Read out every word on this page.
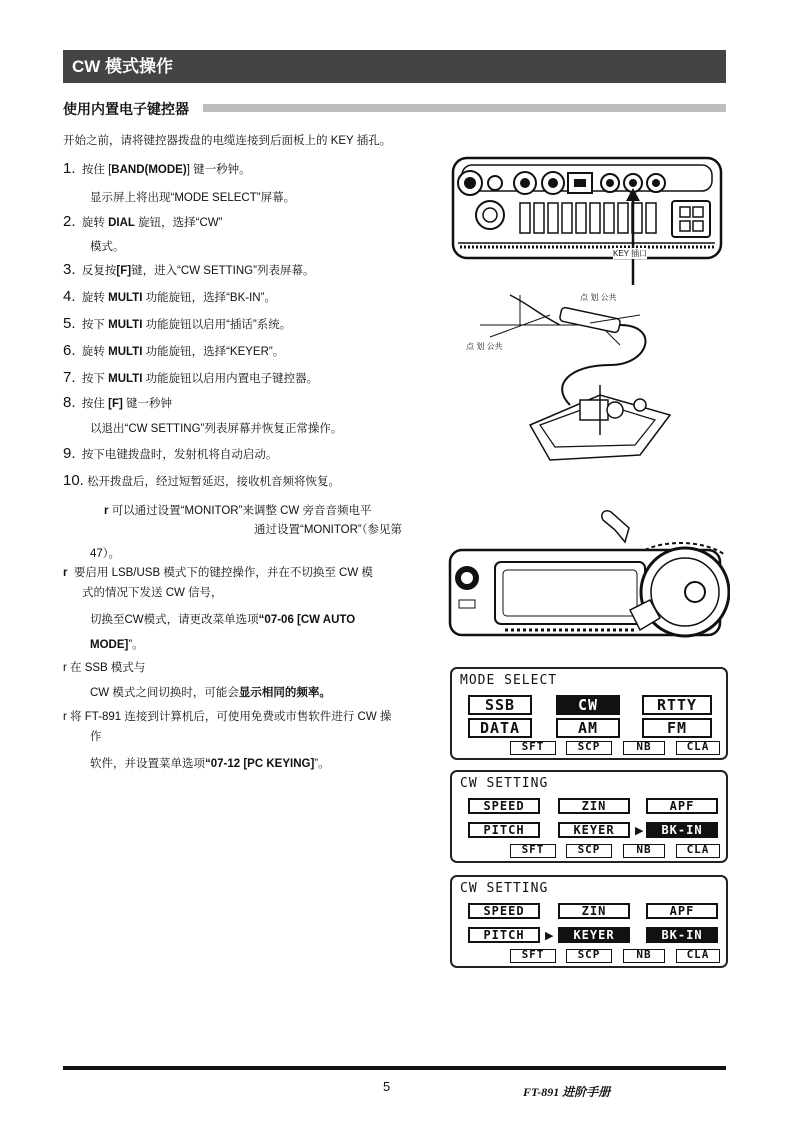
CW 模式操作
使用内置电子键控器
开始之前，请将键控器拨盘的电缆连接到后面板上的 KEY 插孔。
1. 按住 [BAND(MODE)] 键一秒钟。
显示屏上将出现“MODE SELECT”屏幕。
2. 旋转 DIAL 旋钮，选择“CW”
模式。
3. 反复按[F]键，进入“CW SETTING”列表屏幕。
4. 旋转 MULTI 功能旋钮，选择“BK-IN”。
5. 按下 MULTI 功能旋钮以启用“插话”系统。
6. 旋转 MULTI 功能旋钮，选择“KEYER”。
7. 按下 MULTI 功能旋钮以启用内置电子键控器。
8. 按住 [F] 键一秒钟
以退出“CW SETTING”列表屏幕并恢复正常操作。
9. 按下电键拨盘时，发射机将自动启动。
10. 松开拨盘后，经过短暂延迟，接收机音频将恢复。
r 可以通过设置“MONITOR”来调整 CW 旁音音频电平
通过设置“MONITOR”（参见第
47）。
r 要启用 LSB/USB 模式下的键控操作，并在不切换至 CW 模
式的情况下发送 CW 信号，
切换至CW模式，请更改菜单选项“07-06 [CW AUTO
MODE]”。
r 在 SSB 模式与
CW 模式之间切换时，可能会显示相同的频率。
r 将 FT-891 连接到计算机后，可使用免费或市售软件进行 CW 操
作
软件，并设置菜单选项“07-12 [PC KEYING]”。
KEY 插口
点 划 公共
点 划 公共
MODE SELECT
SSB	CW	RTTY
DATA	AM	FM
SFT	SCP	NB	CLA
CW SETTING
SPEED	ZIN	APF
PITCH	KEYER	▶	BK-IN
SFT	SCP	NB	CLA
CW SETTING
SPEED	ZIN	APF
PITCH	▶	KEYER	BK-IN
SFT	SCP	NB	CLA
5	FT-891 进阶手册
